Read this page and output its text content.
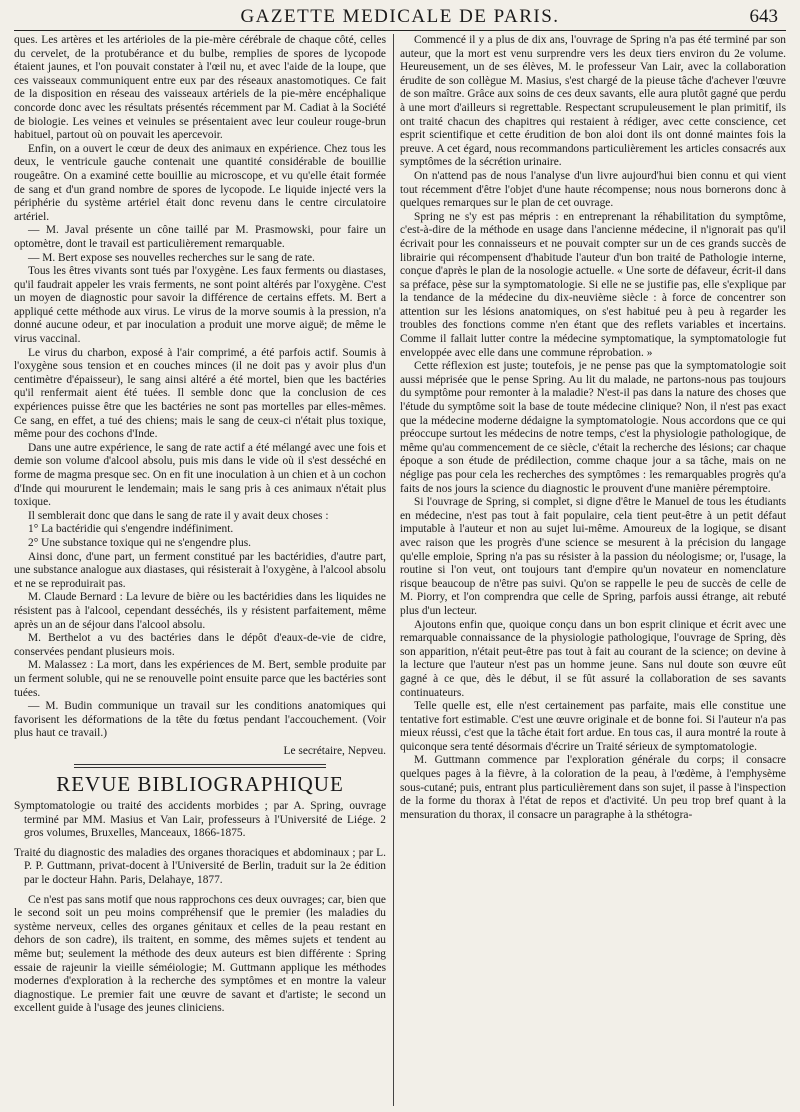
GAZETTE MEDICALE DE PARIS.	643

ques. Les artères et les artérioles de la pie-mère cérébrale de chaque côté, celles du cervelet, de la protubérance et du bulbe, remplies de spores de lycopode étaient jaunes, et l'on pouvait constater à l'œil nu, et avec l'aide de la loupe, que ces vaisseaux communiquent entre eux par des réseaux anastomotiques. Ce fait de la disposition en réseau des vaisseaux artériels de la pie-mère encéphalique concorde donc avec les résultats présentés récemment par M. Cadiat à la Société de biologie. Les veines et veinules se présentaient avec leur couleur rouge-brun habituel, partout où on pouvait les apercevoir.

Enfin, on a ouvert le cœur de deux des animaux en expérience. Chez tous les deux, le ventricule gauche contenait une quantité considérable de bouillie rougeâtre. On a examiné cette bouillie au microscope, et vu qu'elle était formée de sang et d'un grand nombre de spores de lycopode. Le liquide injecté vers la périphérie du système artériel était donc revenu dans le centre circulatoire artériel.

— M. Javal présente un cône taillé par M. Prasmowski, pour faire un optomètre, dont le travail est particulièrement remarquable.

— M. Bert expose ses nouvelles recherches sur le sang de rate.

Tous les êtres vivants sont tués par l'oxygène. Les faux ferments ou diastases, qu'il faudrait appeler les vrais ferments, ne sont point altérés par l'oxygène. C'est un moyen de diagnostic pour savoir la différence de certains effets. M. Bert a appliqué cette méthode aux virus. Le virus de la morve soumis à la pression, n'a donné aucune odeur, et par inoculation a produit une morve aiguë; de même le virus vaccinal.

Le virus du charbon, exposé à l'air comprimé, a été parfois actif. Soumis à l'oxygène sous tension et en couches minces (il ne doit pas y avoir plus d'un centimètre d'épaisseur), le sang ainsi altéré a été mortel, bien que les bactéries qu'il renfermait aient été tuées. Il semble donc que la conclusion de ces expériences puisse être que les bactéries ne sont pas mortelles par elles-mêmes. Ce sang, en effet, a tué des chiens; mais le sang de ceux-ci n'était plus toxique, même pour des cochons d'Inde.

Dans une autre expérience, le sang de rate actif a été mélangé avec une fois et demie son volume d'alcool absolu, puis mis dans le vide où il s'est desséché en forme de magma presque sec. On en fit une inoculation à un chien et à un cochon d'Inde qui moururent le lendemain; mais le sang pris à ces animaux n'était plus toxique.

Il semblerait donc que dans le sang de rate il y avait deux choses :

1° La bactéridie qui s'engendre indéfiniment.

2° Une substance toxique qui ne s'engendre plus.

Ainsi donc, d'une part, un ferment constitué par les bactéridies, d'autre part, une substance analogue aux diastases, qui résisterait à l'oxygène, à l'alcool absolu et ne se reproduirait pas.

M. Claude Bernard : La levure de bière ou les bactéridies dans les liquides ne résistent pas à l'alcool, cependant desséchés, ils y résistent parfaitement, même après un an de séjour dans l'alcool absolu.

M. Berthelot a vu des bactéries dans le dépôt d'eaux-de-vie de cidre, conservées pendant plusieurs mois.

M. Malassez : La mort, dans les expériences de M. Bert, semble produite par un ferment soluble, qui ne se renouvelle point ensuite parce que les bactéries sont tuées.

— M. Budin communique un travail sur les conditions anatomiques qui favorisent les déformations de la tête du fœtus pendant l'accouchement. (Voir plus haut ce travail.)

Le secrétaire, Nepveu.
REVUE BIBLIOGRAPHIQUE

Symptomatologie ou traité des accidents morbides ; par A. Spring, ouvrage terminé par MM. Masius et Van Lair, professeurs à l'Université de Liége. 2 gros volumes, Bruxelles, Manceaux, 1866-1875.

Traité du diagnostic des maladies des organes thoraciques et abdominaux ; par L. P. P. Guttmann, privat-docent à l'Université de Berlin, traduit sur la 2e édition par le docteur Hahn. Paris, Delahaye, 1877.

Ce n'est pas sans motif que nous rapprochons ces deux ouvrages; car, bien que le second soit un peu moins compréhensif que le premier (les maladies du système nerveux, celles des organes génitaux et celles de la peau restant en dehors de son cadre), ils traitent, en somme, des mêmes sujets et tendent au même but; seulement la méthode des deux auteurs est bien différente : Spring essaie de rajeunir la vieille séméiologie; M. Guttmann applique les méthodes modernes d'exploration à la recherche des symptômes et en montre la valeur diagnostique. Le premier fait une œuvre de savant et d'artiste; le second un excellent guide à l'usage des jeunes cliniciens.

Commencé il y a plus de dix ans, l'ouvrage de Spring n'a pas été terminé par son auteur, que la mort est venu surprendre vers les deux tiers environ du 2e volume. Heureusement, un de ses élèves, M. le professeur Van Lair, avec la collaboration érudite de son collègue M. Masius, s'est chargé de la pieuse tâche d'achever l'œuvre de son maître. Grâce aux soins de ces deux savants, elle aura plutôt gagné que perdu à une mort d'ailleurs si regrettable. Respectant scrupuleusement le plan primitif, ils ont traité chacun des chapitres qui restaient à rédiger, avec cette conscience, cet esprit scientifique et cette érudition de bon aloi dont ils ont donné maintes fois la preuve. A cet égard, nous recommandons particulièrement les articles consacrés aux symptômes de la sécrétion urinaire.

On n'attend pas de nous l'analyse d'un livre aujourd'hui bien connu et qui vient tout récemment d'être l'objet d'une haute récompense; nous nous bornerons donc à quelques remarques sur le plan de cet ouvrage.

Spring ne s'y est pas mépris : en entreprenant la réhabilitation du symptôme, c'est-à-dire de la méthode en usage dans l'ancienne médecine, il n'ignorait pas qu'il écrivait pour les connaisseurs et ne pouvait compter sur un de ces grands succès de librairie qui récompensent d'habitude l'auteur d'un bon traité de Pathologie interne, conçue d'après le plan de la nosologie actuelle. « Une sorte de défaveur, écrit-il dans sa préface, pèse sur la symptomatologie. Si elle ne se justifie pas, elle s'explique par la tendance de la médecine du dix-neuvième siècle : à force de concentrer son attention sur les lésions anatomiques, on s'est habitué peu à peu à regarder les troubles des fonctions comme n'en étant que des reflets variables et incertains. Comme il fallait lutter contre la médecine symptomatique, la symptomatologie fut enveloppée avec elle dans une commune réprobation. »

Cette réflexion est juste; toutefois, je ne pense pas que la symptomatologie soit aussi méprisée que le pense Spring. Au lit du malade, ne partons-nous pas toujours du symptôme pour remonter à la maladie? N'est-il pas dans la nature des choses que l'étude du symptôme soit la base de toute médecine clinique? Non, il n'est pas exact que la médecine moderne dédaigne la symptomatologie. Nous accordons que ce qui préoccupe surtout les médecins de notre temps, c'est la physiologie pathologique, de même qu'au commencement de ce siècle, c'était la recherche des lésions; car chaque époque a son étude de prédilection, comme chaque jour a sa tâche, mais on ne néglige pas pour cela les recherches des symptômes : les remarquables progrès qu'a faits de nos jours la science du diagnostic le prouvent d'une manière péremptoire.

Si l'ouvrage de Spring, si complet, si digne d'être le Manuel de tous les étudiants en médecine, n'est pas tout à fait populaire, cela tient peut-être à un petit défaut imputable à l'auteur et non au sujet lui-même. Amoureux de la logique, se disant avec raison que les progrès d'une science se mesurent à la précision du langage qu'elle emploie, Spring n'a pas su résister à la passion du néologisme; or, l'usage, la routine si l'on veut, ont toujours tant d'empire qu'un novateur en nomenclature risque beaucoup de n'être pas suivi. Qu'on se rappelle le peu de succès de celle de M. Piorry, et l'on comprendra que celle de Spring, parfois aussi étrange, ait rebuté plus d'un lecteur.

Ajoutons enfin que, quoique conçu dans un bon esprit clinique et écrit avec une remarquable connaissance de la physiologie pathologique, l'ouvrage de Spring, dès son apparition, n'était peut-être pas tout à fait au courant de la science; on devine à la lecture que l'auteur n'est pas un homme jeune. Sans nul doute son œuvre eût gagné à ce que, dès le début, il se fût assuré la collaboration de ses savants continuateurs.

Telle quelle est, elle n'est certainement pas parfaite, mais elle constitue une tentative fort estimable. C'est une œuvre originale et de bonne foi. Si l'auteur n'a pas mieux réussi, c'est que la tâche était fort ardue. En tous cas, il aura montré la route à quiconque sera tenté désormais d'écrire un Traité sérieux de symptomatologie.

M. Guttmann commence par l'exploration générale du corps; il consacre quelques pages à la fièvre, à la coloration de la peau, à l'œdème, à l'emphysème sous-cutané; puis, entrant plus particulièrement dans son sujet, il passe à l'inspection de la forme du thorax à l'état de repos et d'activité. Un peu trop bref quant à la mensuration du thorax, il consacre un paragraphe à la sthétogra-
